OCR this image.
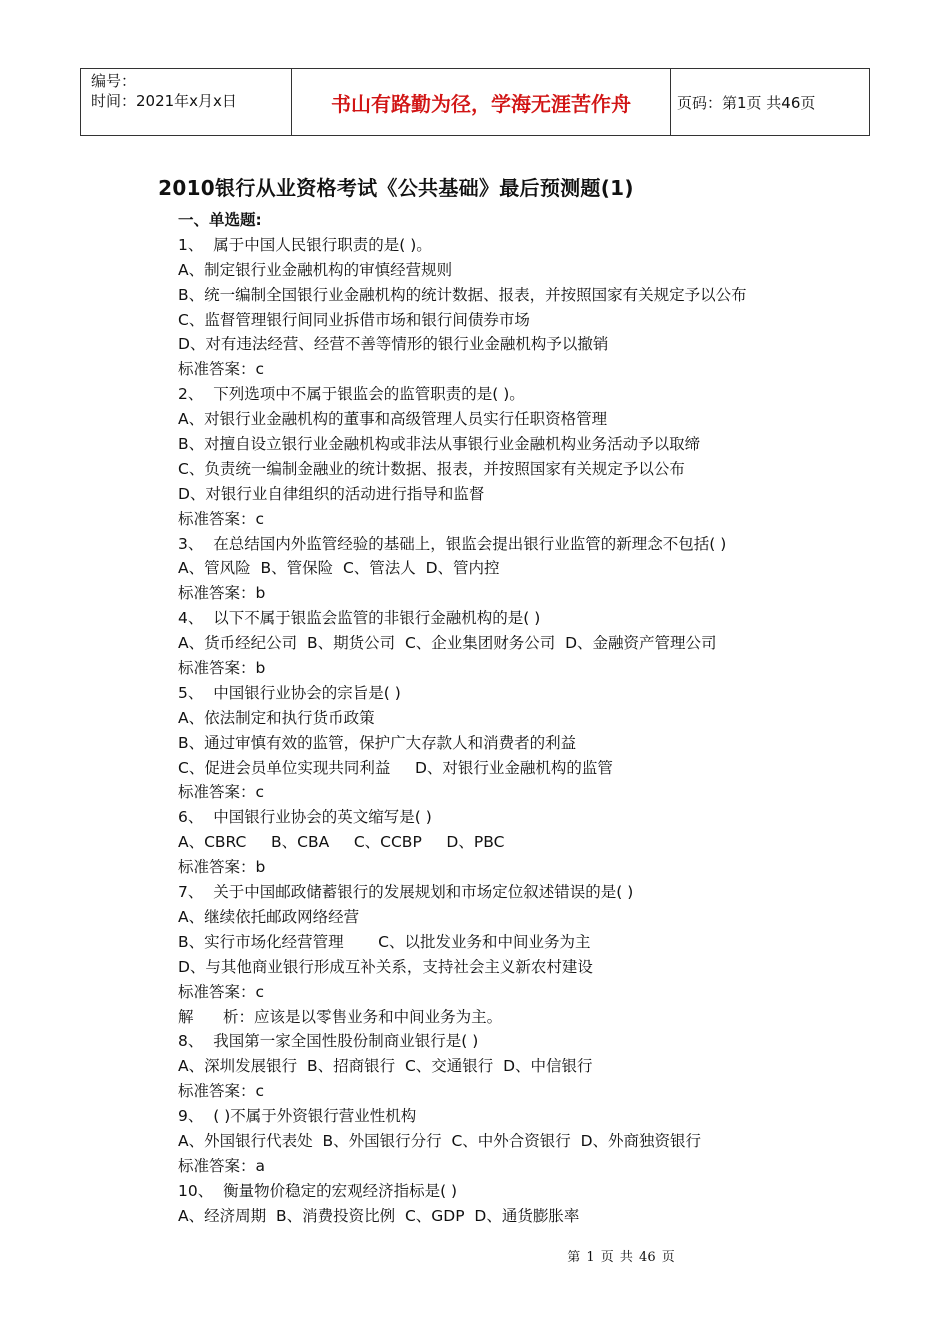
编号：
时间：2021年x月x日	书山有路勤为径，学海无涯苦作舟	页码：第1页 共46页
2010银行从业资格考试《公共基础》最后预测题(1)
一、单选题:
1、  属于中国人民银行职责的是( )。
A、制定银行业金融机构的审慎经营规则
B、统一编制全国银行业金融机构的统计数据、报表，并按照国家有关规定予以公布
C、监督管理银行间同业拆借市场和银行间债券市场
D、对有违法经营、经营不善等情形的银行业金融机构予以撤销
标准答案：c
2、  下列选项中不属于银监会的监管职责的是( )。
A、对银行业金融机构的董事和高级管理人员实行任职资格管理
B、对擅自设立银行业金融机构或非法从事银行业金融机构业务活动予以取缔
C、负责统一编制金融业的统计数据、报表，并按照国家有关规定予以公布
D、对银行业自律组织的活动进行指导和监督
标准答案：c
3、  在总结国内外监管经验的基础上，银监会提出银行业监管的新理念不包括( )
A、管风险  B、管保险  C、管法人  D、管内控
标准答案：b
4、  以下不属于银监会监管的非银行金融机构的是( )
A、货币经纪公司  B、期货公司  C、企业集团财务公司  D、金融资产管理公司
标准答案：b
5、  中国银行业协会的宗旨是( )
A、依法制定和执行货币政策
B、通过审慎有效的监管，保护广大存款人和消费者的利益
C、促进会员单位实现共同利益     D、对银行业金融机构的监管
标准答案：c
6、  中国银行业协会的英文缩写是( )
A、CBRC     B、CBA     C、CCBP     D、PBC
标准答案：b
7、  关于中国邮政储蓄银行的发展规划和市场定位叙述错误的是( )
A、继续依托邮政网络经营
B、实行市场化经营管理       C、以批发业务和中间业务为主
D、与其他商业银行形成互补关系，支持社会主义新农村建设
标准答案：c
解      析：应该是以零售业务和中间业务为主。
8、  我国第一家全国性股份制商业银行是( )
A、深圳发展银行  B、招商银行  C、交通银行  D、中信银行
标准答案：c
9、  ( )不属于外资银行营业性机构
A、外国银行代表处  B、外国银行分行  C、中外合资银行  D、外商独资银行
标准答案：a
10、  衡量物价稳定的宏观经济指标是( )
A、经济周期  B、消费投资比例  C、GDP  D、通货膨胀率
第 1 页 共 46 页
